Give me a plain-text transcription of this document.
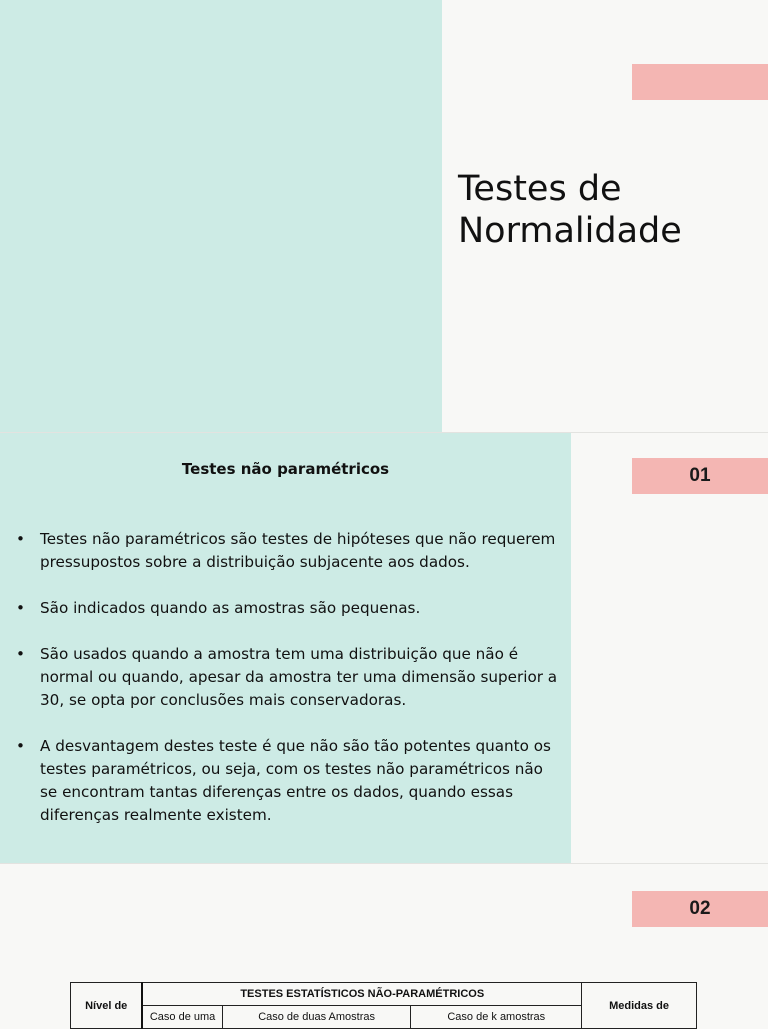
Testes de
Normalidade
Testes não paramétricos
• Testes não paramétricos são testes de hipóteses que não requerem pressupostos sobre a distribuição subjacente aos dados.
• São indicados quando as amostras são pequenas.
• São usados quando a amostra tem uma distribuição que não é normal ou quando, apesar da amostra ter uma dimensão superior a 30, se opta por conclusões mais conservadoras.
• A desvantagem destes teste é que não são tão potentes quanto os testes paramétricos, ou seja, com os testes não paramétricos não se encontram tantas diferenças entre os dados, quando essas diferenças realmente existem.
01
02
Nível de	TESTES ESTATÍSTICOS NÃO-PARAMÉTRICOS			Medidas de
	Caso de uma	Caso de duas Amostras	Caso de k amostras	
